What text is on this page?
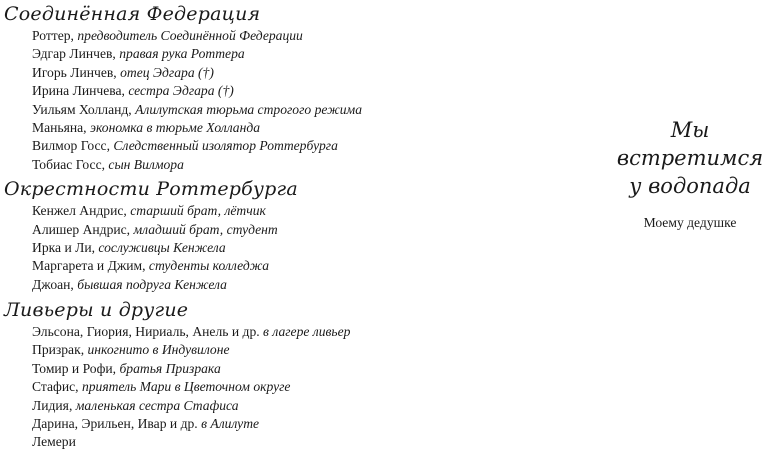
Соединённая Федерация
Роттер, предводитель Соединённой Федерации
Эдгар Линчев, правая рука Роттера
Игорь Линчев, отец Эдгара (†)
Ирина Линчева, сестра Эдгара (†)
Уильям Холланд, Алилутская тюрьма строгого режима
Маньяна, экономка в тюрьме Холланда
Вилмор Госс, Следственный изолятор Роттербурга
Тобиас Госс, сын Вилмора
Окрестности Роттербурга
Кенжел Андрис, старший брат, лётчик
Алишер Андрис, младший брат, студент
Ирка и Ли, сослуживцы Кенжела
Маргарета и Джим, студенты колледжа
Джоан, бывшая подруга Кенжела
Ливьеры и другие
Эльсона, Гиория, Нириаль, Анель и др. в лагере ливьер
Призрак, инкогнито в Индувилоне
Томир и Рофи, братья Призрака
Стафис, приятель Мари в Цветочном округе
Лидия, маленькая сестра Стафиса
Дарина, Эрильен, Ивар и др. в Алилуте
Лемери
Мы
встретимся
у водопада
Моему дедушке
